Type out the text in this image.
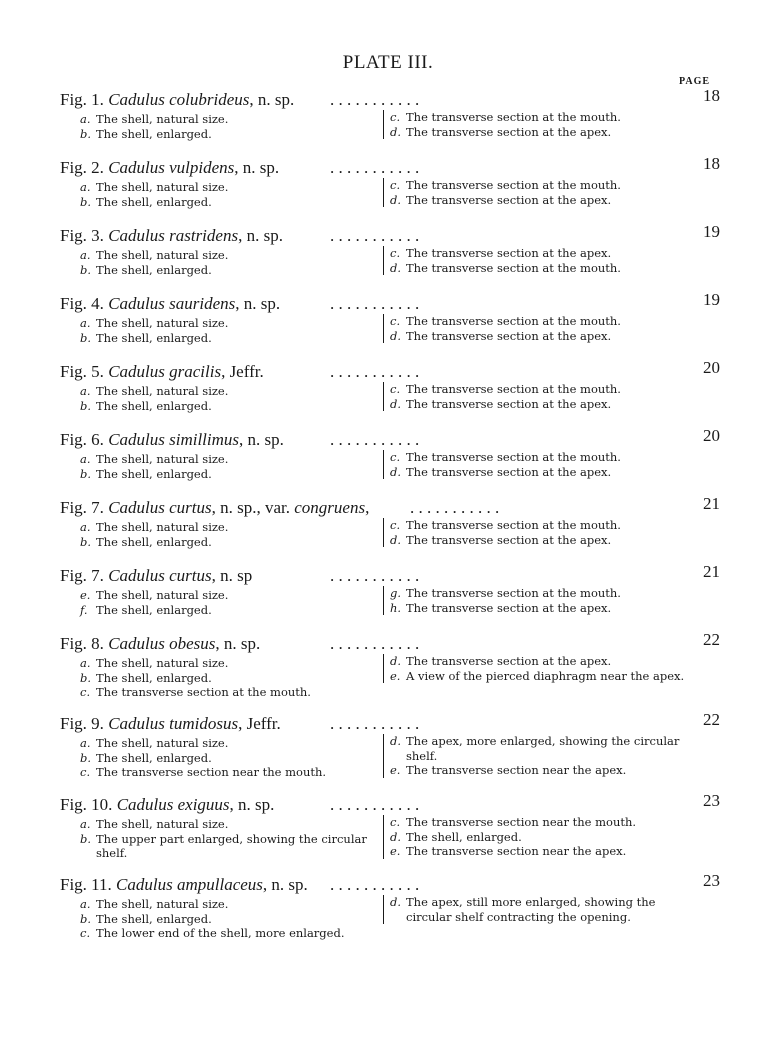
PLATE III.
PAGE
Fig. 1. Cadulus colubrideus, n. sp. . . . . . . . . . . .	18
a. The shell, natural size.
b. The shell, enlarged.
c. The transverse section at the mouth.
d. The transverse section at the apex.
Fig. 2. Cadulus vulpidens, n. sp.	. . . . . . . . . . .	18
a. The shell, natural size.
b. The shell, enlarged.
c. The transverse section at the mouth.
d. The transverse section at the apex.
Fig. 3. Cadulus rastridens, n. sp.	. . . . . . . . . . .	19
a. The shell, natural size.
b. The shell, enlarged.
c. The transverse section at the apex.
d. The transverse section at the mouth.
Fig. 4. Cadulus sauridens, n. sp.	. . . . . . . . . . .	19
a. The shell, natural size.
b. The shell, enlarged.
c. The transverse section at the mouth.
d. The transverse section at the apex.
Fig. 5. Cadulus gracilis, Jeffr.	. . . . . . . . . . .	20
a. The shell, natural size.
b. The shell, enlarged.
c. The transverse section at the mouth.
d. The transverse section at the apex.
Fig. 6. Cadulus simillimus, n. sp.	. . . . . . . . . . .	20
a. The shell, natural size.
b. The shell, enlarged.
c. The transverse section at the mouth.
d. The transverse section at the apex.
Fig. 7. Cadulus curtus, n. sp., var. congruens, . . . . . . . . . . .	21
a. The shell, natural size.
b. The shell, enlarged.
c. The transverse section at the mouth.
d. The transverse section at the apex.
Fig. 7. Cadulus curtus, n. sp	. . . . . . . . . . .	21
e. The shell, natural size.
f. The shell, enlarged.
g. The transverse section at the mouth.
h. The transverse section at the apex.
Fig. 8. Cadulus obesus, n. sp.	. . . . . . . . . . .	22
a. The shell, natural size.
b. The shell, enlarged.
c. The transverse section at the mouth.
d. The transverse section at the apex.
e. A view of the pierced diaphragm near the apex.
Fig. 9. Cadulus tumidosus, Jeffr.	. . . . . . . . . . .	22
a. The shell, natural size.
b. The shell, enlarged.
c. The transverse section near the mouth.
d. The apex, more enlarged, showing the circular shelf.
e. The transverse section near the apex.
Fig. 10. Cadulus exiguus, n. sp.	. . . . . . . . . . .	23
a. The shell, natural size.
b. The upper part enlarged, showing the circular shelf.
c. The transverse section near the mouth.
d. The shell, enlarged.
e. The transverse section near the apex.
Fig. 11. Cadulus ampullaceus, n. sp. . . . . . . . . . . .	23
a. The shell, natural size.
b. The shell, enlarged.
c. The lower end of the shell, more enlarged.
d. The apex, still more enlarged, showing the circular shelf contracting the opening.
